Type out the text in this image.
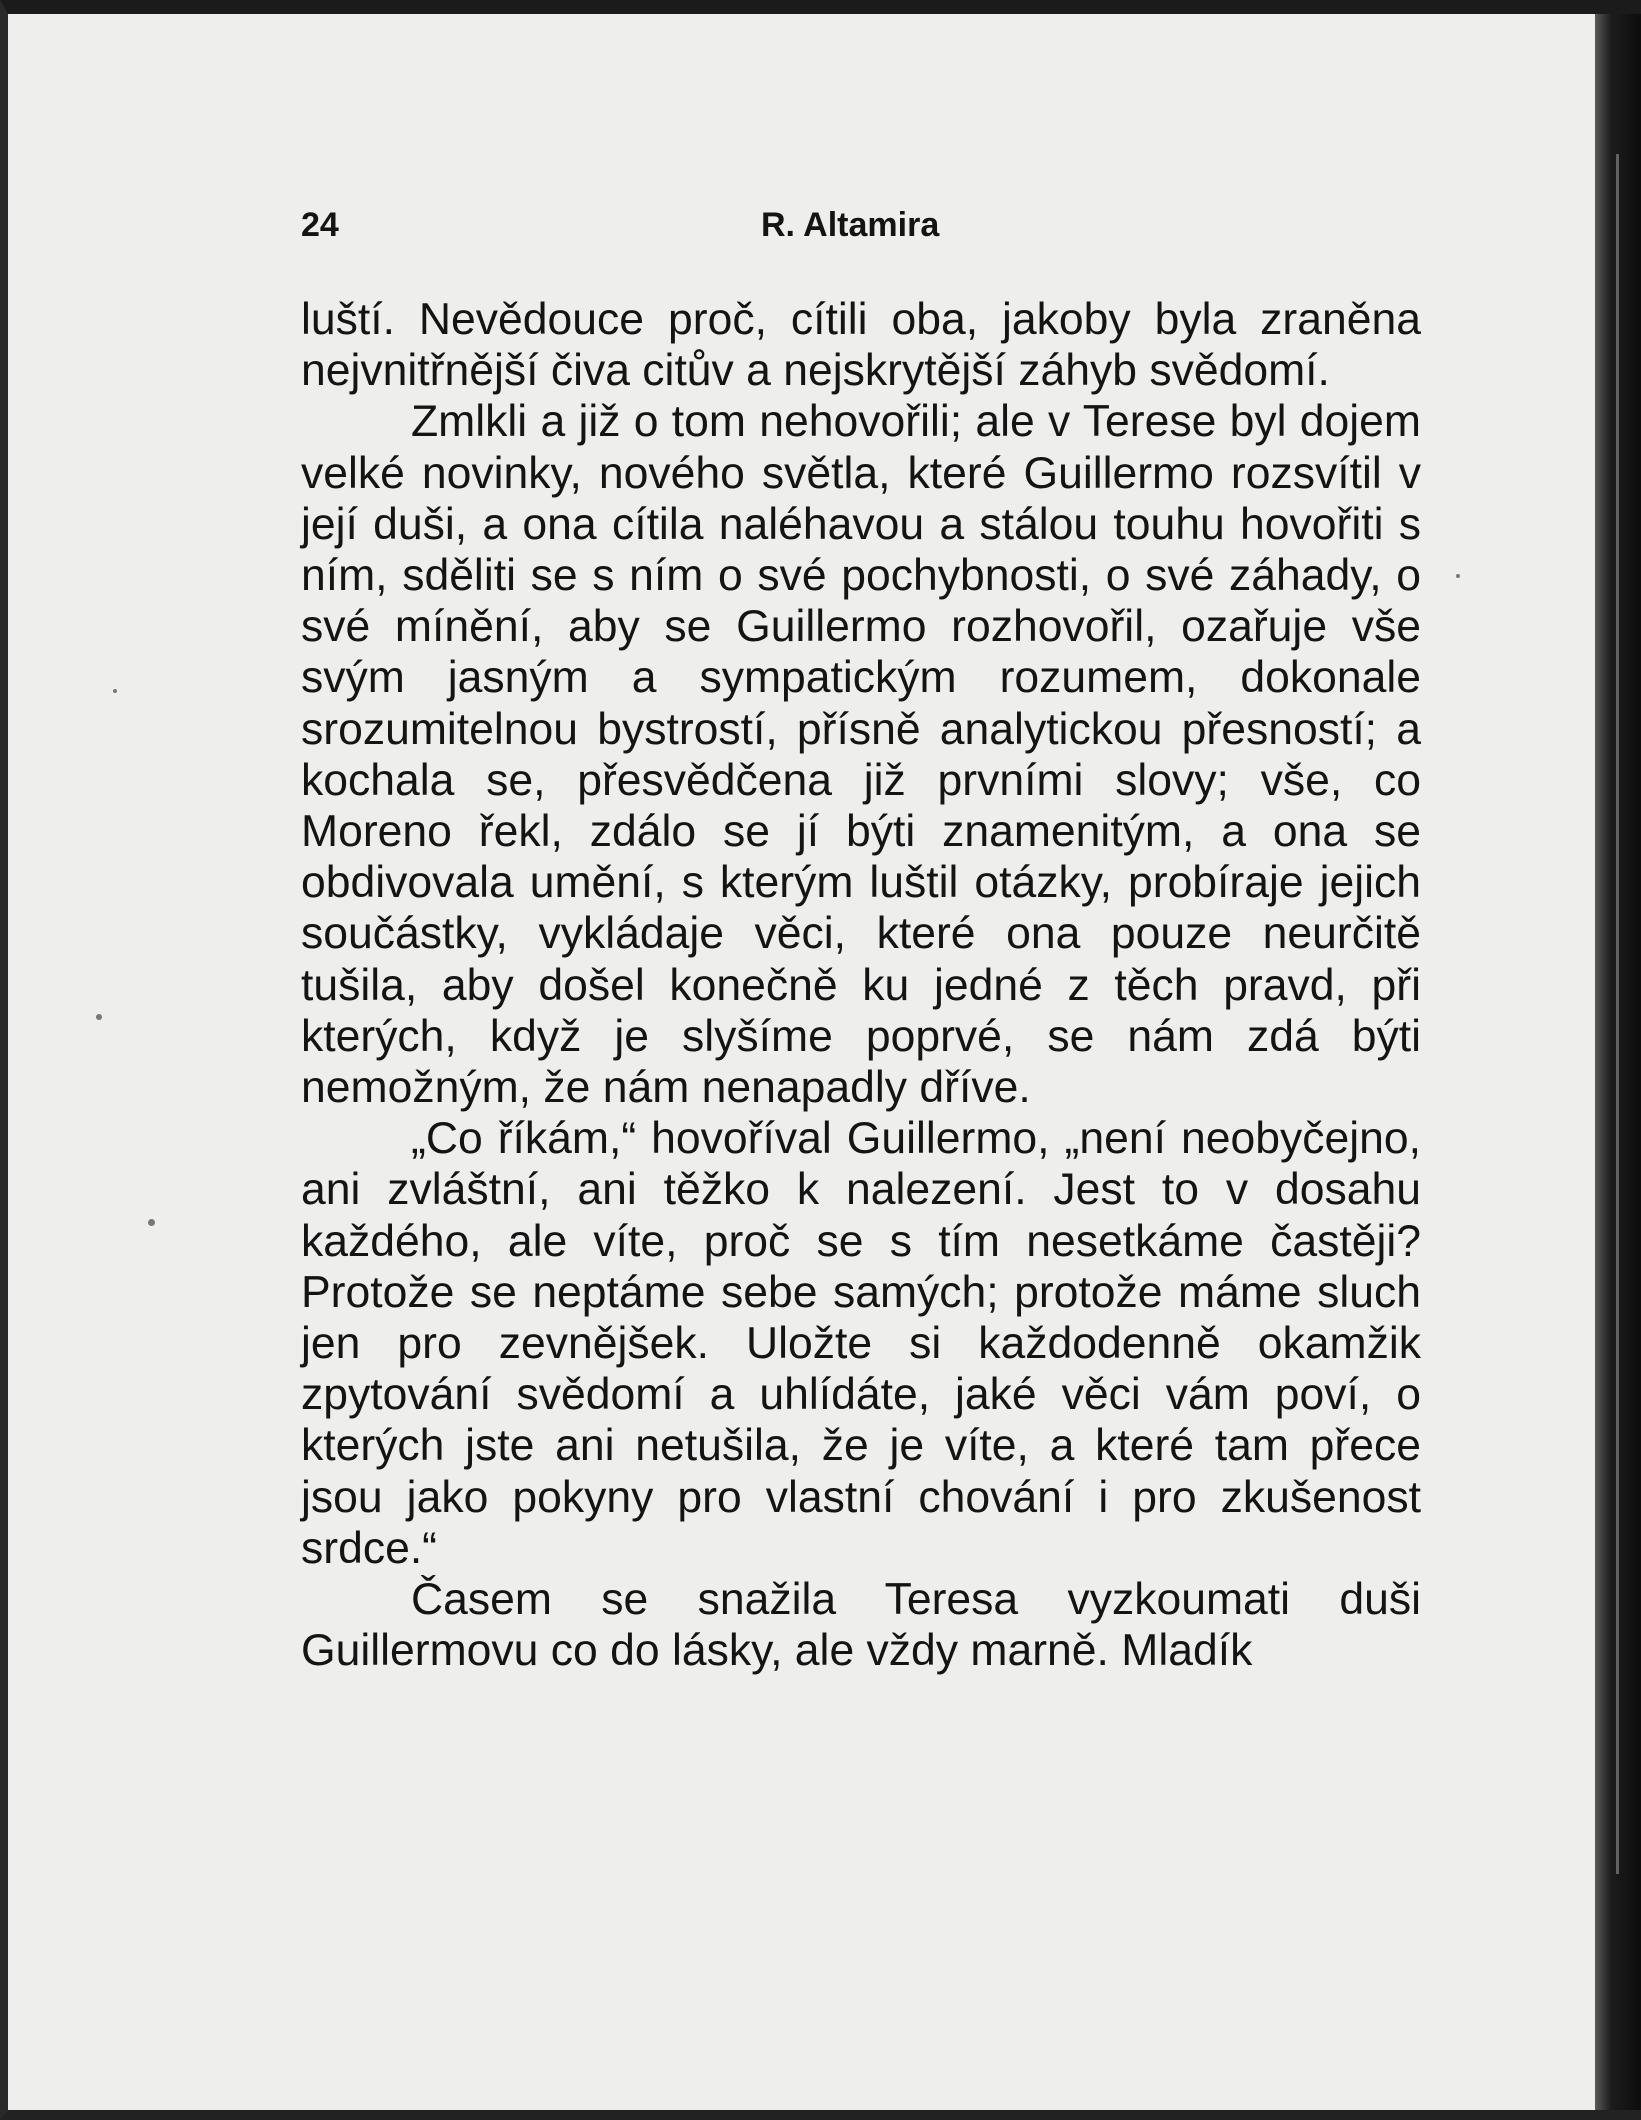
24	R. Altamira

luští. Nevědouce proč, cítili oba, jakoby byla zraněna nejvnitřnější čiva citův a nejskrytější záhyb svědomí.

Zmlkli a již o tom nehovořili; ale v Terese byl dojem velké novinky, nového světla, které Guillermo rozsvítil v její duši, a ona cítila naléhavou a stálou touhu hovořiti s ním, sděliti se s ním o své pochybnosti, o své záhady, o své mínění, aby se Guillermo rozhovořil, ozařuje vše svým jasným a sympatickým rozumem, dokonale srozumitelnou bystrostí, přísně analytickou přesností; a kochala se, přesvědčena již prvními slovy; vše, co Moreno řekl, zdálo se jí býti znamenitým, a ona se obdivovala umění, s kterým luštil otázky, probíraje jejich součástky, vykládaje věci, které ona pouze neurčitě tušila, aby došel konečně ku jedné z těch pravd, při kterých, když je slyšíme poprvé, se nám zdá býti nemožným, že nám nenapadly dříve.

„Co říkám,“ hovoříval Guillermo, „není neobyčejno, ani zvláštní, ani těžko k nalezení. Jest to v dosahu každého, ale víte, proč se s tím nesetkáme častěji? Protože se neptáme sebe samých; protože máme sluch jen pro zevnějšek. Uložte si každodenně okamžik zpytování svědomí a uhlídáte, jaké věci vám poví, o kterých jste ani netušila, že je víte, a které tam přece jsou jako pokyny pro vlastní chování i pro zkušenost srdce.“

Časem se snažila Teresa vyzkoumati duši Guillermovu co do lásky, ale vždy marně. Mladík
